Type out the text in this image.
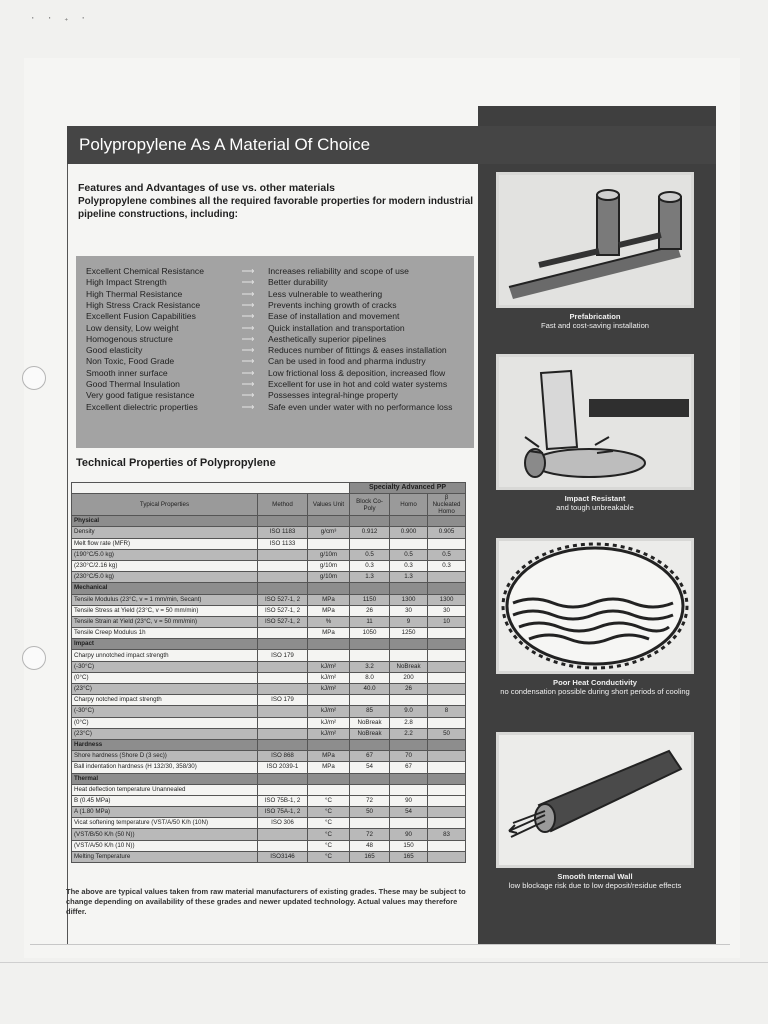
· · ₊ ·
Polypropylene As A Material Of Choice
Features and Advantages of use vs. other materials
Polypropylene combines all the required favorable properties for modern industrial pipeline constructions, including:
Excellent Chemical Resistance	⟶	Increases reliability and scope of use
High Impact Strength	⟶	Better durability
High Thermal Resistance	⟶	Less vulnerable to weathering
High Stress Crack Resistance	⟶	Prevents inching growth of cracks
Excellent Fusion Capabilities	⟶	Ease of installation and movement
Low density, Low weight	⟶	Quick installation and transportation
Homogenous structure	⟶	Aesthetically superior pipelines
Good elasticity	⟶	Reduces number of fittings & eases installation
Non Toxic, Food Grade	⟶	Can be used in food and pharma industry
Smooth inner surface	⟶	Low frictional loss & deposition, increased flow
Good Thermal Insulation	⟶	Excellent for use in hot and cold water systems
Very good fatigue resistance	⟶	Possesses integral-hinge property
Excellent dielectric properties	⟶	Safe even under water with no performance loss
Technical Properties of Polypropylene
			Specialty Advanced PP		
Typical Properties	Method	Values Unit	Block Co-Poly	Homo	β Nucleated Homo
Physical					
Density	ISO 1183	g/cm³	0.912	0.900	0.905
Melt flow rate (MFR)	ISO 1133				
(190°C/5.0 kg)		g/10m	0.5	0.5	0.5
(230°C/2.16 kg)		g/10m	0.3	0.3	0.3
(230°C/5.0 kg)		g/10m	1.3	1.3	
Mechanical					
Tensile Modulus (23°C, v = 1 mm/min, Secant)	ISO 527-1, 2	MPa	1150	1300	1300
Tensile Stress at Yield (23°C, v = 50 mm/min)	ISO 527-1, 2	MPa	26	30	30
Tensile Strain at Yield (23°C, v = 50 mm/min)	ISO 527-1, 2	%	11	9	10
Tensile Creep Modulus 1h		MPa	1050	1250	
Impact					
Charpy unnotched impact strength	ISO 179				
(-30°C)		kJ/m²	3.2	NoBreak	
(0°C)		kJ/m²	8.0	200	
(23°C)		kJ/m²	40.0	26	
Charpy notched impact strength	ISO 179				
(-30°C)		kJ/m²	85	9.0	8
(0°C)		kJ/m²	NoBreak	2.8	
(23°C)		kJ/m²	NoBreak	2.2	50
Hardness					
Shore hardness (Shore D (3 sec))	ISO 868	MPa	67	70	
Ball indentation hardness (H 132/30, 358/30)	ISO 2039-1	MPa	54	67	
Thermal					
Heat deflection temperature Unannealed					
B (0.45 MPa)	ISO 75B-1, 2	°C	72	90	
A (1.80 MPa)	ISO 75A-1, 2	°C	50	54	
Vicat softening temperature (VST/A/50 K/h (10N)	ISO 306	°C			
(VST/B/50 K/h (50 N))		°C	72	90	83
(VST/A/50 K/h (10 N))		°C	48	150	
Melting Temperature	ISO3146	°C	165	165	
The above are typical values taken from raw material manufacturers of existing grades. These may be subject to change depending on availability of these grades and newer updated technology. Actual values may therefore differ.
Prefabrication
Fast and cost-saving installation
Impact Resistant
and tough unbreakable
Poor Heat Conductivity
no condensation possible during short periods of cooling
Smooth Internal Wall
low blockage risk due to low deposit/residue effects
